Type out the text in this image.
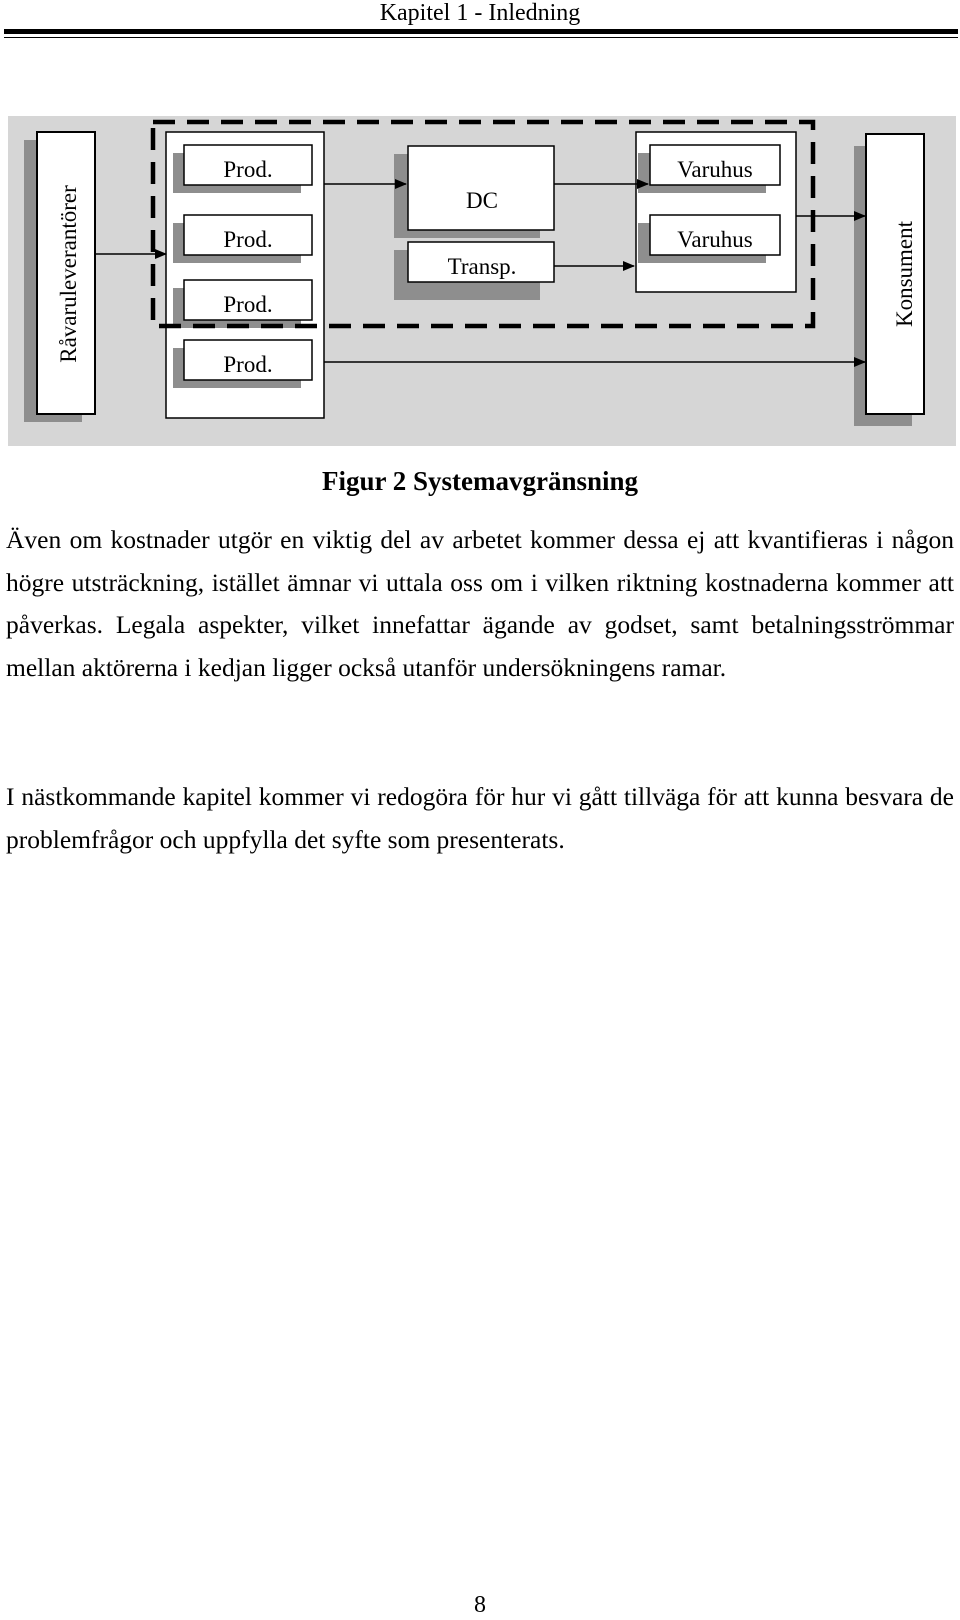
Kapitel 1 - Inledning
Råvaruleverantörer
Prod.
Prod.
Prod.
Prod.
DC
Transp.
Varuhus
Varuhus	Konsument
Figur 2 Systemavgränsning

Även om kostnader utgör en viktig del av arbetet kommer dessa ej att kvantifieras i någon högre utsträckning, istället ämnar vi uttala oss om i vilken riktning kostnaderna kommer att påverkas. Legala aspekter, vilket innefattar ägande av godset, samt betalningsströmmar mellan aktörerna i kedjan ligger också utanför undersökningens ramar.

I nästkommande kapitel kommer vi redogöra för hur vi gått tillväga för att kunna besvara de problemfrågor och uppfylla det syfte som presenterats.

8
